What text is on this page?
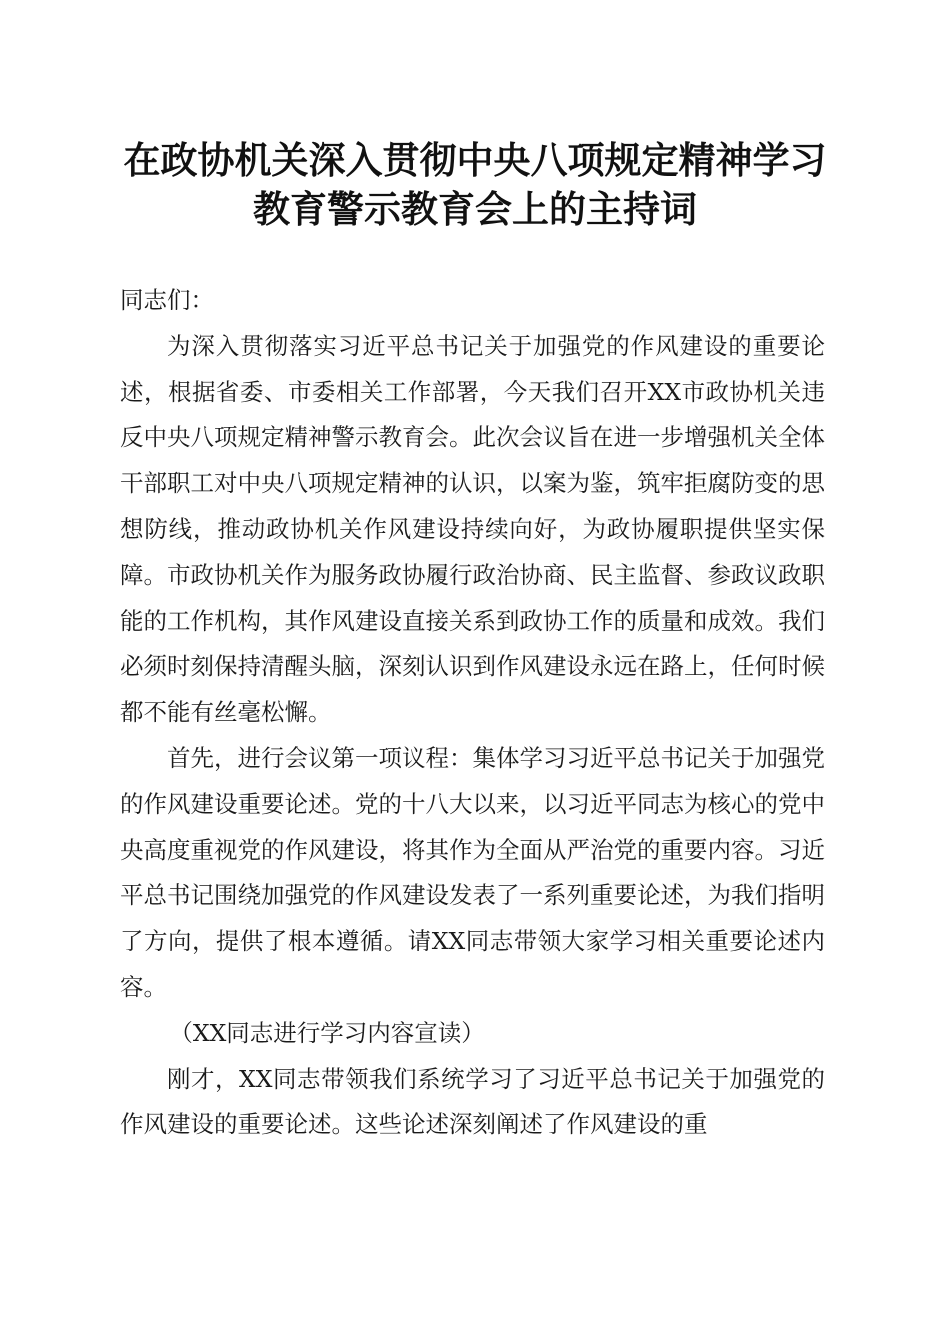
在政协机关深入贯彻中央八项规定精神学习教育警示教育会上的主持词

同志们：

为深入贯彻落实习近平总书记关于加强党的作风建设的重要论述，根据省委、市委相关工作部署，今天我们召开XX市政协机关违反中央八项规定精神警示教育会。此次会议旨在进一步增强机关全体干部职工对中央八项规定精神的认识，以案为鉴，筑牢拒腐防变的思想防线，推动政协机关作风建设持续向好，为政协履职提供坚实保障。市政协机关作为服务政协履行政治协商、民主监督、参政议政职能的工作机构，其作风建设直接关系到政协工作的质量和成效。我们必须时刻保持清醒头脑，深刻认识到作风建设永远在路上，任何时候都不能有丝毫松懈。

首先，进行会议第一项议程：集体学习习近平总书记关于加强党的作风建设重要论述。党的十八大以来，以习近平同志为核心的党中央高度重视党的作风建设，将其作为全面从严治党的重要内容。习近平总书记围绕加强党的作风建设发表了一系列重要论述，为我们指明了方向，提供了根本遵循。请XX同志带领大家学习相关重要论述内容。

（XX同志进行学习内容宣读）

刚才，XX同志带领我们系统学习了习近平总书记关于加强党的作风建设的重要论述。这些论述深刻阐述了作风建设的重
